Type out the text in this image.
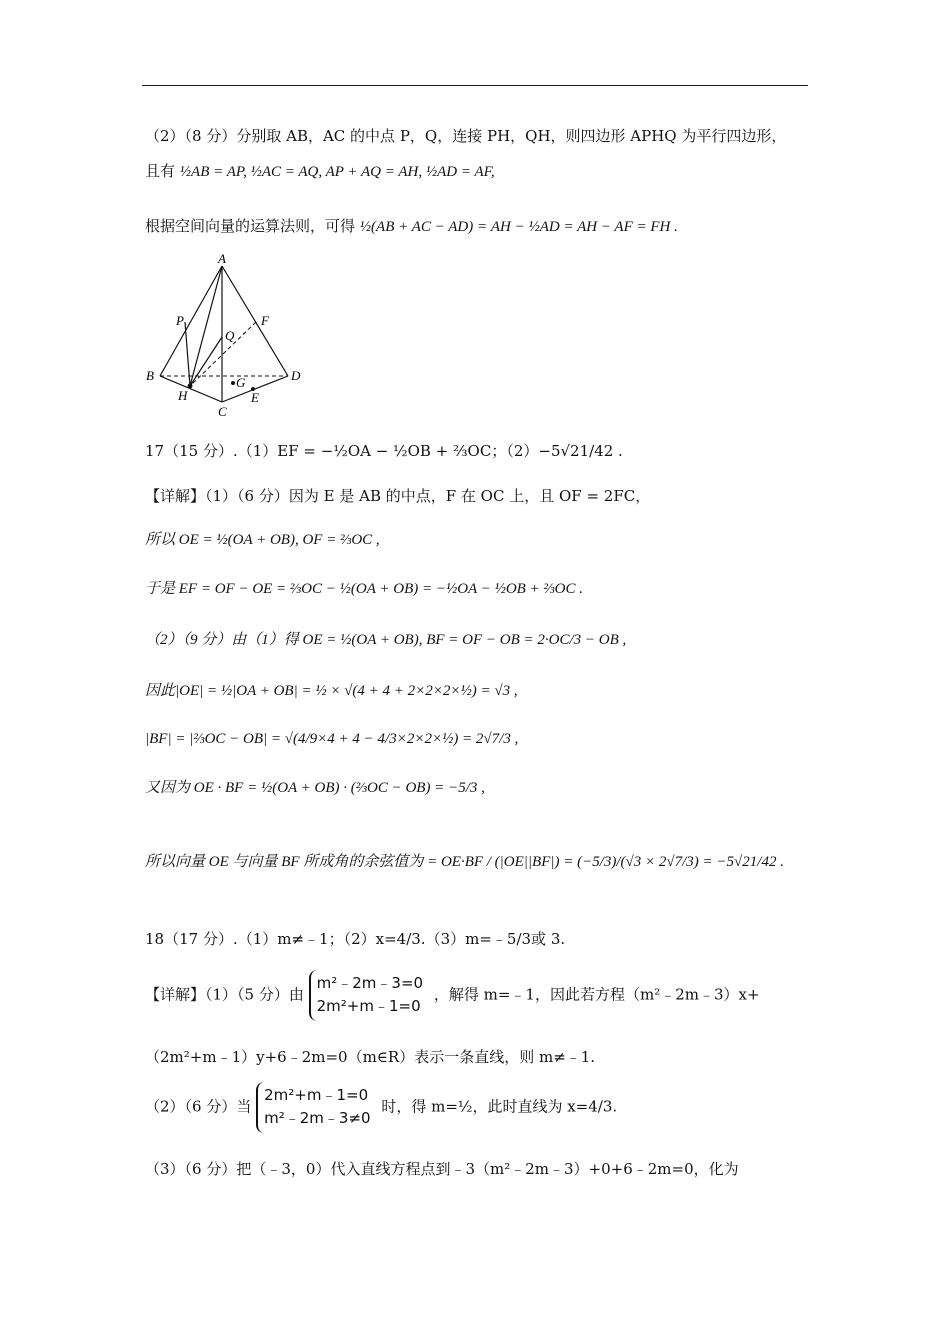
（2）（8 分）分别取 AB，AC 的中点 P，Q，连接 PH，QH，则四边形 APHQ 为平行四边形，
且有 ½AB = AP, ½AC = AQ, AP + AQ = AH, ½AD = AF,
根据空间向量的运算法则，可得 ½(AB + AC − AD) = AH − ½AD = AH − AF = FH .
A
P
Q
F
B	D
G
E
H
C
17（15 分）.（1）EF = −½OA − ½OB + ⅔OC；（2）−5√21/42 .
【详解】（1）（6 分）因为 E 是 AB 的中点，F 在 OC 上，且 OF = 2FC，
所以 OE = ½(OA + OB), OF = ⅔OC ,
于是 EF = OF − OE = ⅔OC − ½(OA + OB) = −½OA − ½OB + ⅔OC .
（2）（9 分）由（1）得 OE = ½(OA + OB), BF = OF − OB = 2·OC/3 − OB ,
因此|OE| = ½|OA + OB| = ½ × √(4 + 4 + 2×2×2×½) = √3 ,
|BF| = |⅔OC − OB| = √(4/9×4 + 4 − 4/3×2×2×½) = 2√7/3 ,
又因为 OE · BF = ½(OA + OB) · (⅔OC − OB) = −5/3 ,
所以向量 OE 与向量 BF 所成角的余弦值为 = OE·BF / (|OE||BF|) = (−5/3)/(√3 × 2√7/3) = −5√21/42 .
18（17 分）.（1）m≠﹣1；（2）x=4/3.（3）m=﹣5/3或 3.
【详解】（1）（5 分）由
m²﹣2m﹣3=0
2m²+m﹣1=0
，解得 m=﹣1，因此若方程（m²﹣2m﹣3）x+
（2m²+m﹣1）y+6﹣2m=0（m∈R）表示一条直线，则 m≠﹣1.
（2）（6 分）当
2m²+m﹣1=0
m²﹣2m﹣3≠0
时，得 m=½，此时直线为 x=4/3.
（3）（6 分）把（﹣3，0）代入直线方程点到﹣3（m²﹣2m﹣3）+0+6﹣2m=0，化为
